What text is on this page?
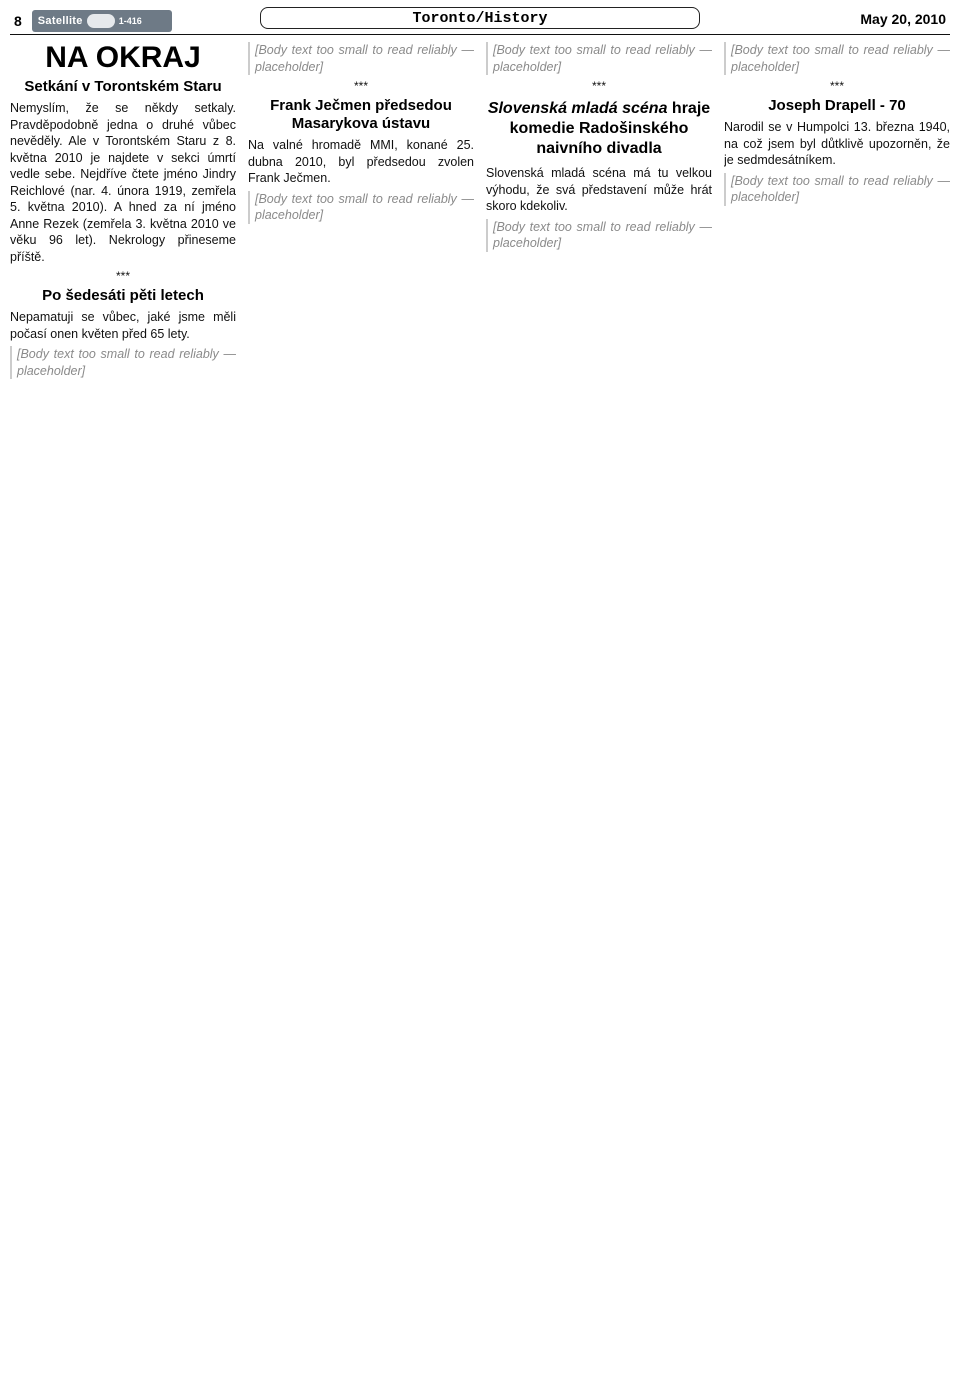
8 Satellite	1-416	Toronto/History	May 20, 2010
NA OKRAJ
Setkání v Torontském Staru

Nemyslím, že se někdy setkaly. Pravděpodobně jedna o druhé vůbec nevěděly. Ale v Torontském Staru z 8. května 2010 je najdete v sekci úmrtí vedle sebe. Nejdříve čtete jméno Jindry Reichlové (nar. 4. února 1919, zemřela 5. května 2010). A hned za ní jméno Anne Rezek (zemřela 3. května 2010 ve věku 96 let). Nekrology přineseme příště.

***
Po šedesáti pěti letech

Nepamatuji se vůbec, jaké jsme měli počasí onen květen před 65 lety.

[Body text too small to read reliably — placeholder]

[Body text too small to read reliably — placeholder]

***
Frank Ječmen předsedou Masarykova ústavu

Na valné hromadě MMI, konané 25. dubna 2010, byl předsedou zvolen Frank Ječmen.

[Body text too small to read reliably — placeholder]

[Body text too small to read reliably — placeholder]

***
Slovenská mladá scéna hraje komedie Radošinského naivního divadla

Slovenská mladá scéna má tu velkou výhodu, že svá představení může hrát skoro kdekoliv.

[Body text too small to read reliably — placeholder]

[Body text too small to read reliably — placeholder]

***
Joseph Drapell - 70

Narodil se v Humpolci 13. března 1940, na což jsem byl důtklivě upozorněn, že je sedmdesátníkem.

[Body text too small to read reliably — placeholder]
